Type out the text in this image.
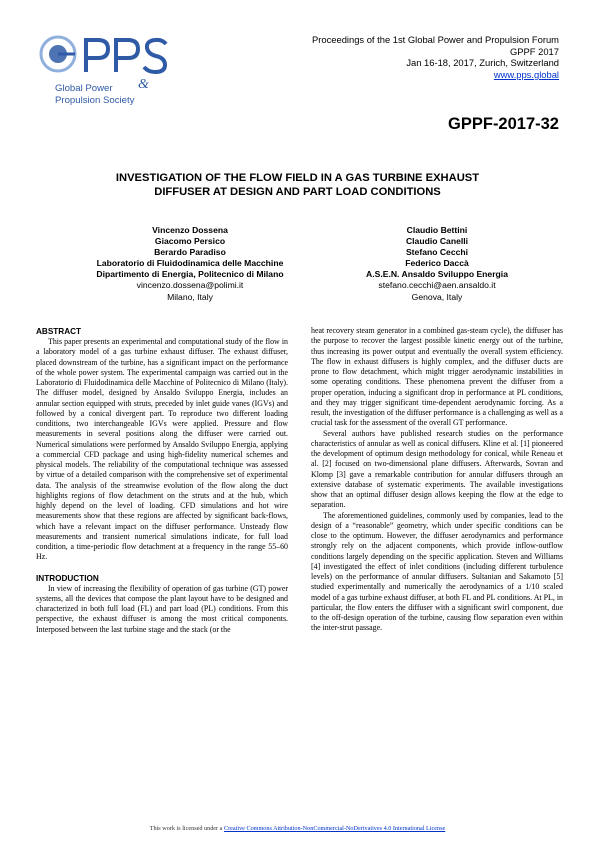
Global Power &
Propulsion Society
Proceedings of the 1st Global Power and Propulsion Forum
GPPF 2017
Jan 16-18, 2017, Zurich, Switzerland
www.pps.global
GPPF-2017-32
INVESTIGATION OF THE FLOW FIELD IN A GAS TURBINE EXHAUST
DIFFUSER AT DESIGN AND PART LOAD CONDITIONS
Vincenzo Dossena
Giacomo Persico
Berardo Paradiso
Laboratorio di Fluidodinamica delle Macchine
Dipartimento di Energia, Politecnico di Milano
vincenzo.dossena@polimi.it
Milano, Italy
Claudio Bettini
Claudio Canelli
Stefano Cecchi
Federico Daccà
A.S.E.N. Ansaldo Sviluppo Energia
stefano.cecchi@aen.ansaldo.it
Genova, Italy
ABSTRACT

This paper presents an experimental and computational study of the flow in a laboratory model of a gas turbine exhaust diffuser. The exhaust diffuser, placed downstream of the turbine, has a significant impact on the performance of the whole power system. The experimental campaign was carried out in the Laboratorio di Fluidodinamica delle Macchine of Politecnico di Milano (Italy). The diffuser model, designed by Ansaldo Sviluppo Energia, includes an annular section equipped with struts, preceded by inlet guide vanes (IGVs) and followed by a conical divergent part. To reproduce two different loading conditions, two interchangeable IGVs were applied. Pressure and flow measurements in several positions along the diffuser were carried out. Numerical simulations were performed by Ansaldo Sviluppo Energia, applying a commercial CFD package and using high-fidelity numerical schemes and physical models. The reliability of the computational technique was assessed by virtue of a detailed comparison with the comprehensive set of experimental data. The analysis of the streamwise evolution of the flow along the duct highlights regions of flow detachment on the struts and at the hub, which highly depend on the level of loading. CFD simulations and hot wire measurements show that these regions are affected by significant back-flows, which have a relevant impact on the diffuser performance. Unsteady flow measurements and transient numerical simulations indicate, for full load condition, a time-periodic flow detachment at a frequency in the range 55–60 Hz.

INTRODUCTION

In view of increasing the flexibility of operation of gas turbine (GT) power systems, all the devices that compose the plant layout have to be designed and characterized in both full load (FL) and part load (PL) conditions. From this perspective, the exhaust diffuser is among the most critical components. Interposed between the last turbine stage and the stack (or the

heat recovery steam generator in a combined gas-steam cycle), the diffuser has the purpose to recover the largest possible kinetic energy out of the turbine, thus increasing its power output and eventually the overall system efficiency. The flow in exhaust diffusers is highly complex, and the diffuser ducts are prone to flow detachment, which might trigger aerodynamic instabilities in some operating conditions. These phenomena prevent the diffuser from a proper operation, inducing a significant drop in performance at PL conditions, and they may trigger significant time-dependent aerodynamic forcing. As a result, the investigation of the diffuser performance is a challenging as well as a crucial task for the assessment of the overall GT performance.

Several authors have published research studies on the performance characteristics of annular as well as conical diffusers. Kline et al. [1] pioneered the development of optimum design methodology for conical, while Reneau et al. [2] focused on two-dimensional plane diffusers. Afterwards, Sovran and Klomp [3] gave a remarkable contribution for annular diffusers through an extensive database of systematic experiments. The available investigations show that an optimal diffuser design allows keeping the flow at the edge to separation.

The aforementioned guidelines, commonly used by companies, lead to the design of a “reasonable” geometry, which under specific conditions can be close to the optimum. However, the diffuser aerodynamics and performance strongly rely on the adjacent components, which provide inflow-outflow conditions largely depending on the specific application. Steven and Williams [4] investigated the effect of inlet conditions (including different turbulence levels) on the performance of annular diffusers. Sultanian and Sakamoto [5] studied experimentally and numerically the aerodynamics of a 1/10 scaled model of a gas turbine exhaust diffuser, at both FL and PL conditions. At PL, in particular, the flow enters the diffuser with a significant swirl component, due to the off-design operation of the turbine, causing flow separation even within the inter-strut passage.

This work is licensed under a Creative Commons Attribution-NonCommercial-NoDerivatives 4.0 International License
